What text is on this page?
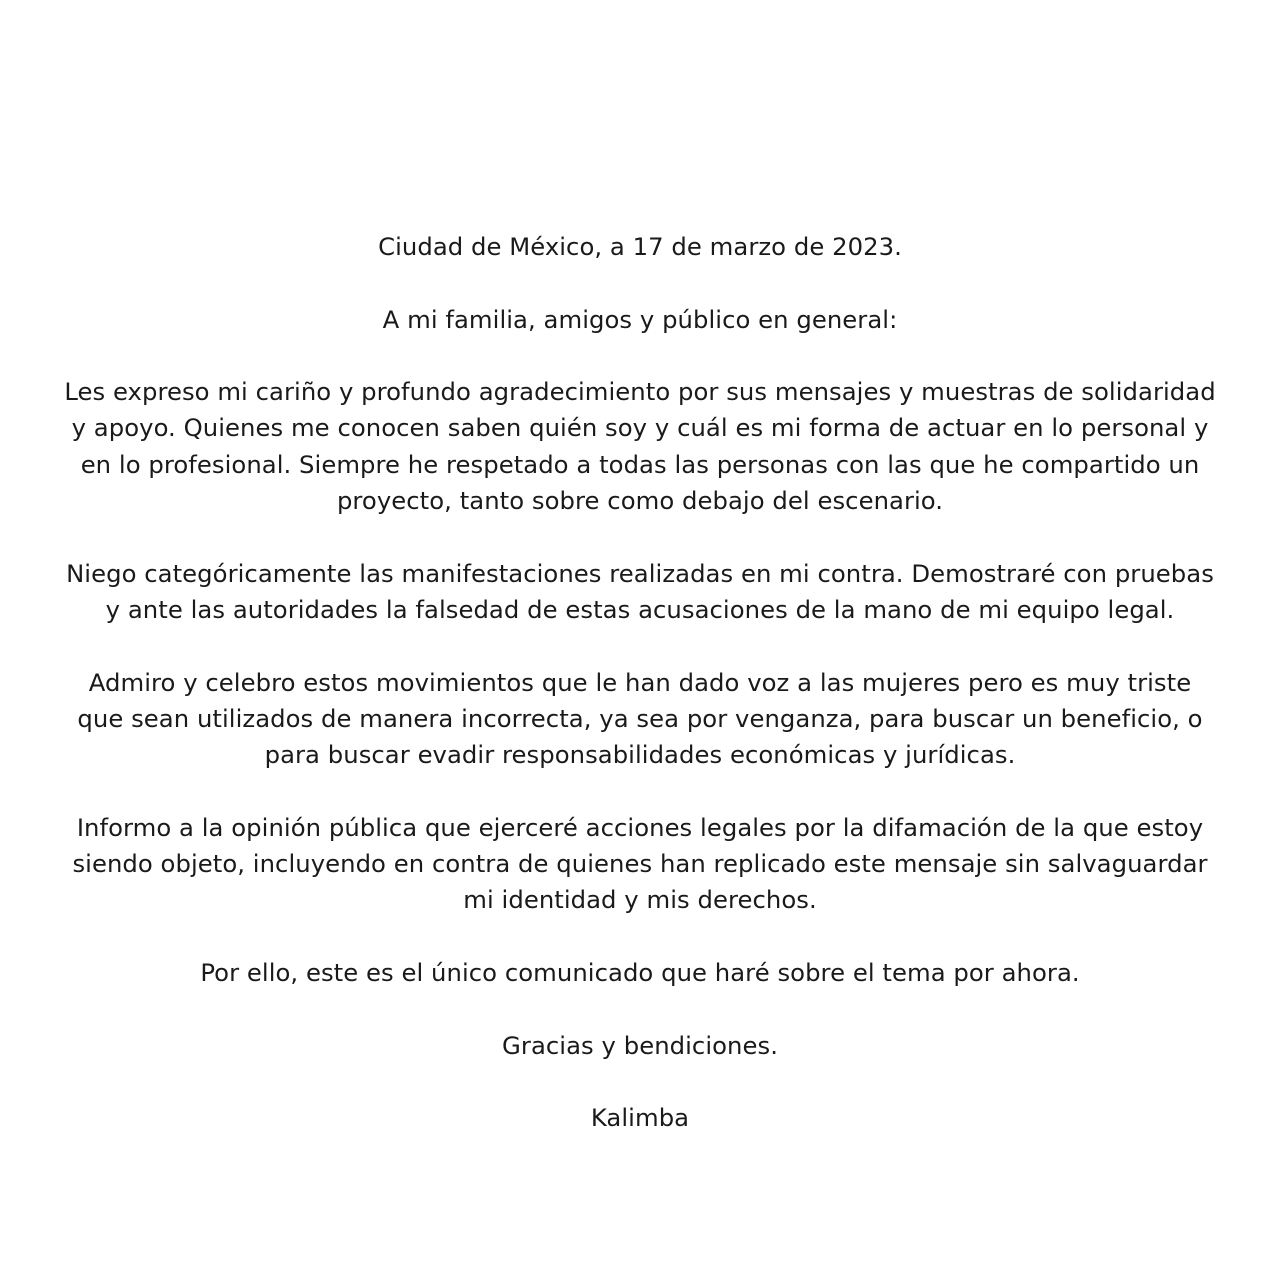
Ciudad de México, a 17 de marzo de 2023.

A mi familia, amigos y público en general:

Les expreso mi cariño y profundo agradecimiento por sus mensajes y muestras de solidaridad
y apoyo. Quienes me conocen saben quién soy y cuál es mi forma de actuar en lo personal y
en lo profesional. Siempre he respetado a todas las personas con las que he compartido un
proyecto, tanto sobre como debajo del escenario.

Niego categóricamente las manifestaciones realizadas en mi contra. Demostraré con pruebas
y ante las autoridades la falsedad de estas acusaciones de la mano de mi equipo legal.

Admiro y celebro estos movimientos que le han dado voz a las mujeres pero es muy triste
que sean utilizados de manera incorrecta, ya sea por venganza, para buscar un beneficio, o
para buscar evadir responsabilidades económicas y jurídicas.

Informo a la opinión pública que ejerceré acciones legales por la difamación de la que estoy
siendo objeto, incluyendo en contra de quienes han replicado este mensaje sin salvaguardar
mi identidad y mis derechos.

Por ello, este es el único comunicado que haré sobre el tema por ahora.

Gracias y bendiciones.

Kalimba
